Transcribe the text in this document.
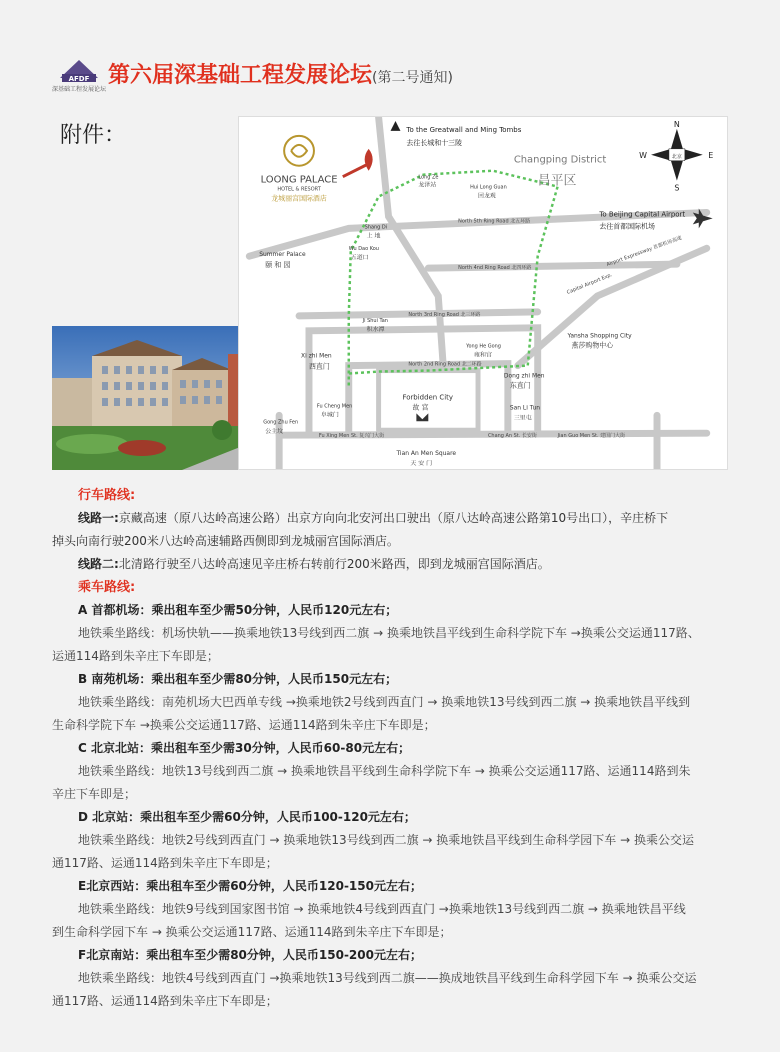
AFDF
深基础工程发展论坛
第六届深基础工程发展论坛(第二号通知)
附件：
North 5th Ring Road 北五环路
North 4nd Ring Road 北四环路
North 3rd Ring Road 北三环路
North 2nd Ring Road 北二环路
Fu Xing Men St. 复兴门大街	Chang An St. 长安街	Jian Guo Men St. 建国门大街
Airport Expressway 首都机场高速
Capital Airport Exp.
LOONG PALACE
HOTEL & RESORT
龙城丽宫国际酒店
To the Greatwall and Ming Tombs
去往长城和十三陵
Changping District
昌平区
北京
N
S
W	E
To Beijing Capital Airport
去往首都国际机场
Long Ze
龙泽站	Hui Long Guan
回龙观
Shang Di
上 地
Wu Dao Kou
五道口
Summer Palace
颐 和 园
Ji Shui Tan
积水潭
Yong He Gong
雍和宫
Xi zhi Men
西直门
Dong zhi Men
东直门
Fu Cheng Men
阜城门
Forbidden City
故 宫	San Li Tun
三里屯
Gong Zhu Fen
公主坟
Tian An Men Square
天 安 门
Yansha Shopping City
燕莎购物中心
行车路线:
线路一:京藏高速（原八达岭高速公路）出京方向向北安河出口驶出（原八达岭高速公路第10号出口），辛庄桥下
掉头向南行驶200米八达岭高速辅路西侧即到龙城丽宫国际酒店。
线路二:北清路行驶至八达岭高速见辛庄桥右转前行200米路西，即到龙城丽宫国际酒店。
乘车路线:
A 首都机场：乘出租车至少需50分钟，人民币120元左右；
地铁乘坐路线：机场快轨——换乘地铁13号线到西二旗 → 换乘地铁昌平线到生命科学院下车 →换乘公交运通117路、
运通114路到朱辛庄下车即是；
B 南苑机场：乘出租车至少需80分钟，人民币150元左右；
地铁乘坐路线：南苑机场大巴西单专线 →换乘地铁2号线到西直门 → 换乘地铁13号线到西二旗 → 换乘地铁昌平线到
生命科学院下车 →换乘公交运通117路、运通114路到朱辛庄下车即是；
C 北京北站：乘出租车至少需30分钟，人民币60-80元左右；
地铁乘坐路线：地铁13号线到西二旗 → 换乘地铁昌平线到生命科学院下车 → 换乘公交运通117路、运通114路到朱
辛庄下车即是；
D 北京站：乘出租车至少需60分钟，人民币100-120元左右；
地铁乘坐路线：地铁2号线到西直门 → 换乘地铁13号线到西二旗 → 换乘地铁昌平线到生命科学园下车 → 换乘公交运
通117路、运通114路到朱辛庄下车即是；
E北京西站：乘出租车至少需60分钟，人民币120-150元左右；
地铁乘坐路线：地铁9号线到国家图书馆 → 换乘地铁4号线到西直门 →换乘地铁13号线到西二旗 → 换乘地铁昌平线
到生命科学园下车 → 换乘公交运通117路、运通114路到朱辛庄下车即是；
F北京南站：乘出租车至少需80分钟，人民币150-200元左右；
地铁乘坐路线：地铁4号线到西直门 →换乘地铁13号线到西二旗——换成地铁昌平线到生命科学园下车 → 换乘公交运
通117路、运通114路到朱辛庄下车即是；
